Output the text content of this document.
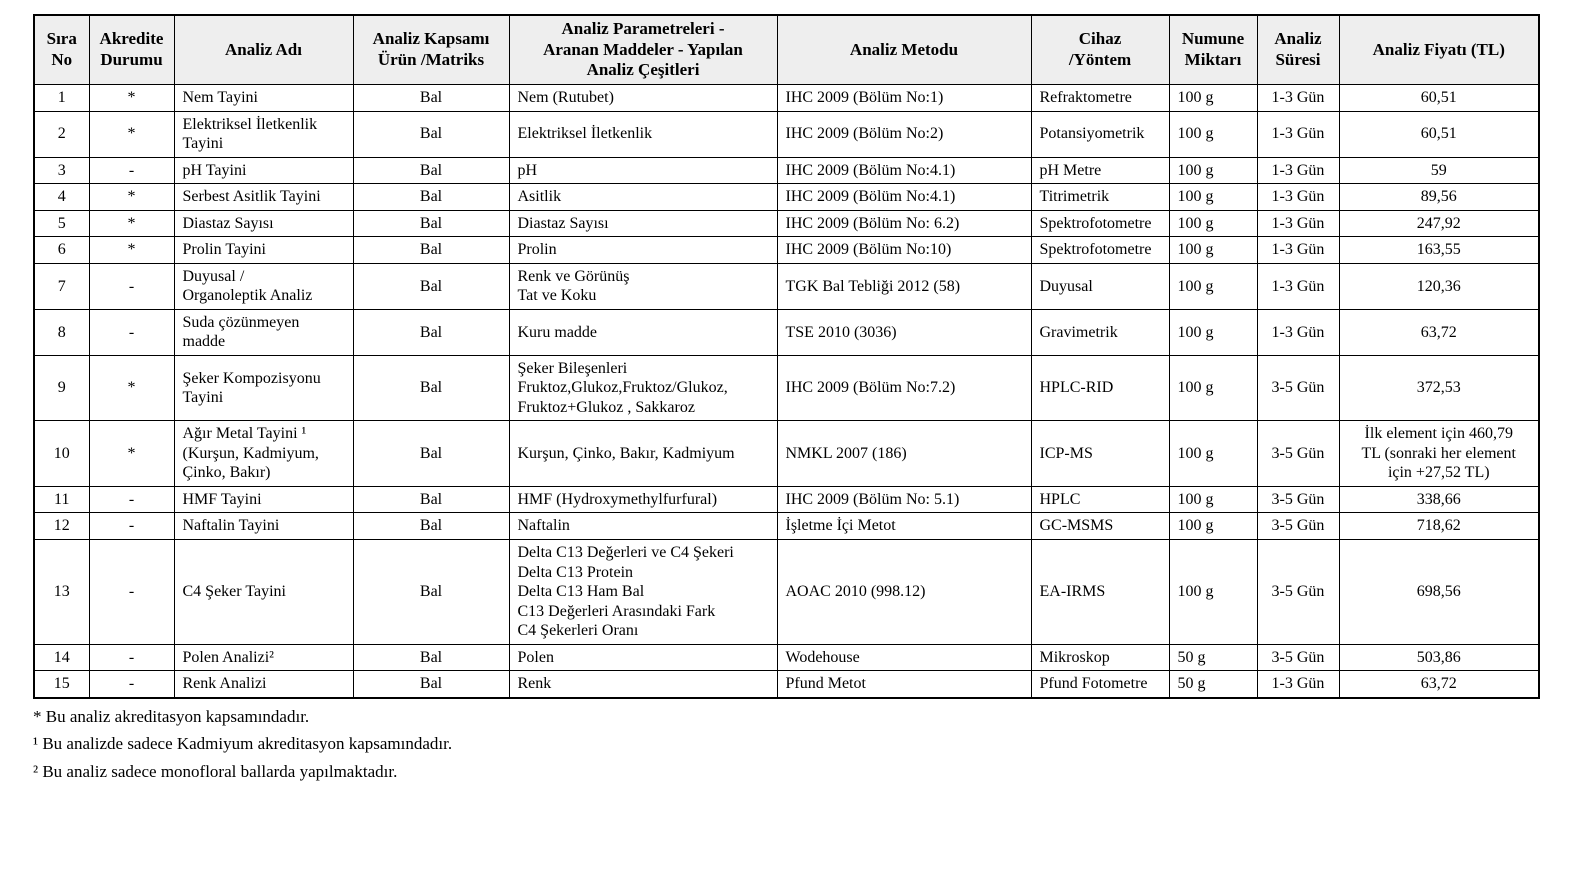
Sıra
No	Akredite
Durumu	Analiz Adı	Analiz Kapsamı
Ürün /Matriks	Analiz Parametreleri -
Aranan Maddeler - Yapılan
Analiz Çeşitleri	Analiz Metodu	Cihaz
/Yöntem	Numune
Miktarı	Analiz
Süresi	Analiz Fiyatı (TL)
1	*	Nem Tayini	Bal	Nem (Rutubet)	IHC 2009 (Bölüm No:1)	Refraktometre	100 g	1-3 Gün	60,51
2	*	Elektriksel İletkenlik
Tayini	Bal	Elektriksel İletkenlik	IHC 2009 (Bölüm No:2)	Potansiyometrik	100 g	1-3 Gün	60,51
3	-	pH Tayini	Bal	pH	IHC 2009 (Bölüm No:4.1)	pH Metre	100 g	1-3 Gün	59
4	*	Serbest Asitlik Tayini	Bal	Asitlik	IHC 2009 (Bölüm No:4.1)	Titrimetrik	100 g	1-3 Gün	89,56
5	*	Diastaz Sayısı	Bal	Diastaz Sayısı	IHC 2009 (Bölüm No: 6.2)	Spektrofotometre	100 g	1-3 Gün	247,92
6	*	Prolin Tayini	Bal	Prolin	IHC 2009 (Bölüm No:10)	Spektrofotometre	100 g	1-3 Gün	163,55
7	-	Duyusal /
Organoleptik Analiz	Bal	Renk ve Görünüş
Tat ve Koku	TGK Bal Tebliği 2012 (58)	Duyusal	100 g	1-3 Gün	120,36
8	-	Suda çözünmeyen
madde	Bal	Kuru madde	TSE 2010 (3036)	Gravimetrik	100 g	1-3 Gün	63,72
9	*	Şeker Kompozisyonu
Tayini	Bal	Şeker Bileşenleri
Fruktoz,Glukoz,Fruktoz/Glukoz,
Fruktoz+Glukoz , Sakkaroz	IHC 2009 (Bölüm No:7.2)	HPLC-RID	100 g	3-5 Gün	372,53
10	*	Ağır Metal Tayini ¹
(Kurşun, Kadmiyum,
Çinko, Bakır)	Bal	Kurşun, Çinko, Bakır, Kadmiyum	NMKL 2007 (186)	ICP-MS	100 g	3-5 Gün	İlk element için 460,79
TL (sonraki her element
için +27,52 TL)
11	-	HMF Tayini	Bal	HMF (Hydroxymethylfurfural)	IHC 2009 (Bölüm No: 5.1)	HPLC	100 g	3-5 Gün	338,66
12	-	Naftalin Tayini	Bal	Naftalin	İşletme İçi Metot	GC-MSMS	100 g	3-5 Gün	718,62
13	-	C4 Şeker Tayini	Bal	Delta C13 Değerleri ve C4 Şekeri
Delta C13 Protein
Delta C13 Ham Bal
C13 Değerleri Arasındaki Fark
C4 Şekerleri Oranı	AOAC 2010 (998.12)	EA-IRMS	100 g	3-5 Gün	698,56
14	-	Polen Analizi²	Bal	Polen	Wodehouse	Mikroskop	50 g	3-5 Gün	503,86
15	-	Renk Analizi	Bal	Renk	Pfund Metot	Pfund Fotometre	50 g	1-3 Gün	63,72

* Bu analiz akreditasyon kapsamındadır.

¹ Bu analizde sadece Kadmiyum akreditasyon kapsamındadır.

² Bu analiz sadece monofloral ballarda yapılmaktadır.
